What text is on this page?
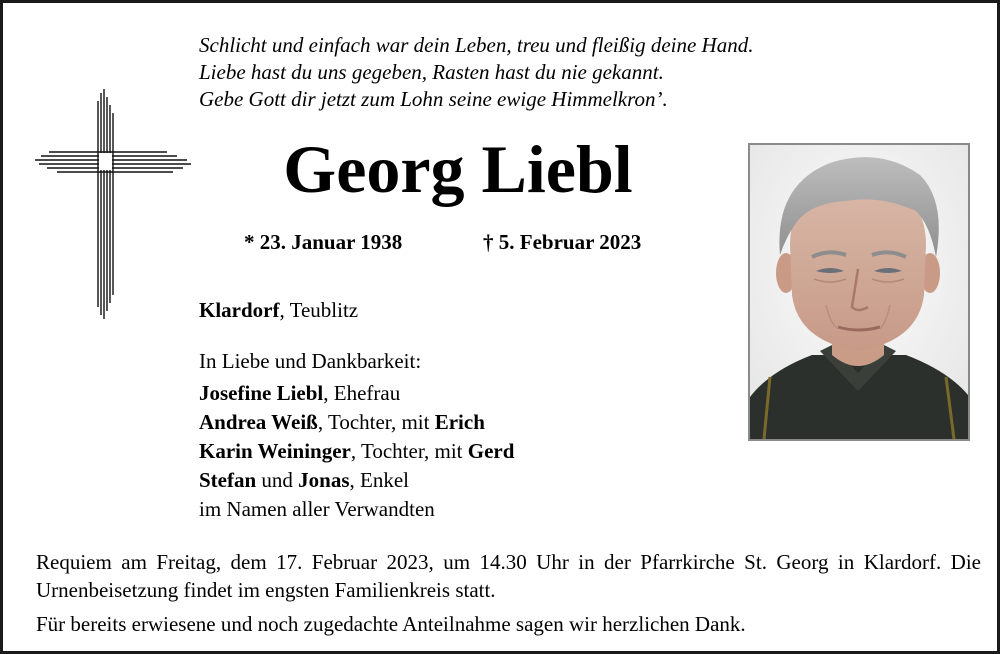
Schlicht und einfach war dein Leben, treu und fleißig deine Hand.
Liebe hast du uns gegeben, Rasten hast du nie gekannt.
Gebe Gott dir jetzt zum Lohn seine ewige Himmelkron’.
Georg Liebl
* 23. Januar 1938	† 5. Februar 2023
Klardorf, Teublitz
In Liebe und Dankbarkeit:
Josefine Liebl, Ehefrau
Andrea Weiß, Tochter, mit Erich
Karin Weininger, Tochter, mit Gerd
Stefan und Jonas, Enkel
im Namen aller Verwandten
Requiem am Freitag, dem 17. Februar 2023, um 14.30 Uhr in der Pfarrkirche St. Georg in Klardorf. Die Urnenbeisetzung findet im engsten Familienkreis statt.
Für bereits erwiesene und noch zugedachte Anteilnahme sagen wir herzlichen Dank.
